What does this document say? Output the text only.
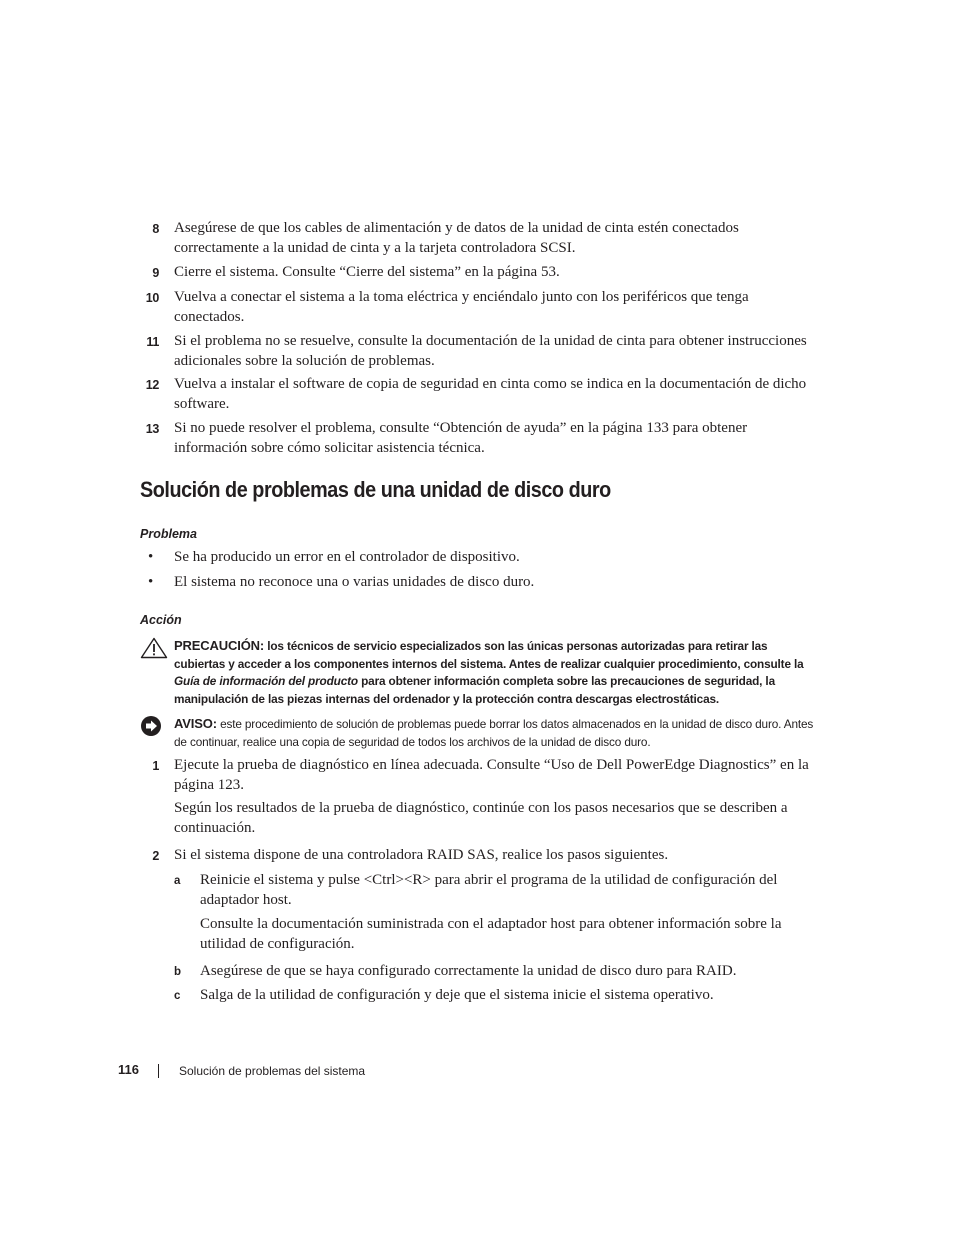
8 Asegúrese de que los cables de alimentación y de datos de la unidad de cinta estén conectados correctamente a la unidad de cinta y a la tarjeta controladora SCSI.
9 Cierre el sistema. Consulte “Cierre del sistema” en la página 53.
10 Vuelva a conectar el sistema a la toma eléctrica y enciéndalo junto con los periféricos que tenga conectados.
11 Si el problema no se resuelve, consulte la documentación de la unidad de cinta para obtener instrucciones adicionales sobre la solución de problemas.
12 Vuelva a instalar el software de copia de seguridad en cinta como se indica en la documentación de dicho software.
13 Si no puede resolver el problema, consulte “Obtención de ayuda” en la página 133 para obtener información sobre cómo solicitar asistencia técnica.
Solución de problemas de una unidad de disco duro
Problema
• Se ha producido un error en el controlador de dispositivo.
• El sistema no reconoce una o varias unidades de disco duro.
Acción
PRECAUCIÓN: los técnicos de servicio especializados son las únicas personas autorizadas para retirar las cubiertas y acceder a los componentes internos del sistema. Antes de realizar cualquier procedimiento, consulte la Guía de información del producto para obtener información completa sobre las precauciones de seguridad, la manipulación de las piezas internas del ordenador y la protección contra descargas electrostáticas.
AVISO: este procedimiento de solución de problemas puede borrar los datos almacenados en la unidad de disco duro. Antes de continuar, realice una copia de seguridad de todos los archivos de la unidad de disco duro.
1 Ejecute la prueba de diagnóstico en línea adecuada. Consulte “Uso de Dell PowerEdge Diagnostics” en la página 123.
Según los resultados de la prueba de diagnóstico, continúe con los pasos necesarios que se describen a continuación.
2 Si el sistema dispone de una controladora RAID SAS, realice los pasos siguientes.
a Reinicie el sistema y pulse <Ctrl><R> para abrir el programa de la utilidad de configuración del adaptador host.
Consulte la documentación suministrada con el adaptador host para obtener información sobre la utilidad de configuración.
b Asegúrese de que se haya configurado correctamente la unidad de disco duro para RAID.
c Salga de la utilidad de configuración y deje que el sistema inicie el sistema operativo.
116	Solución de problemas del sistema
